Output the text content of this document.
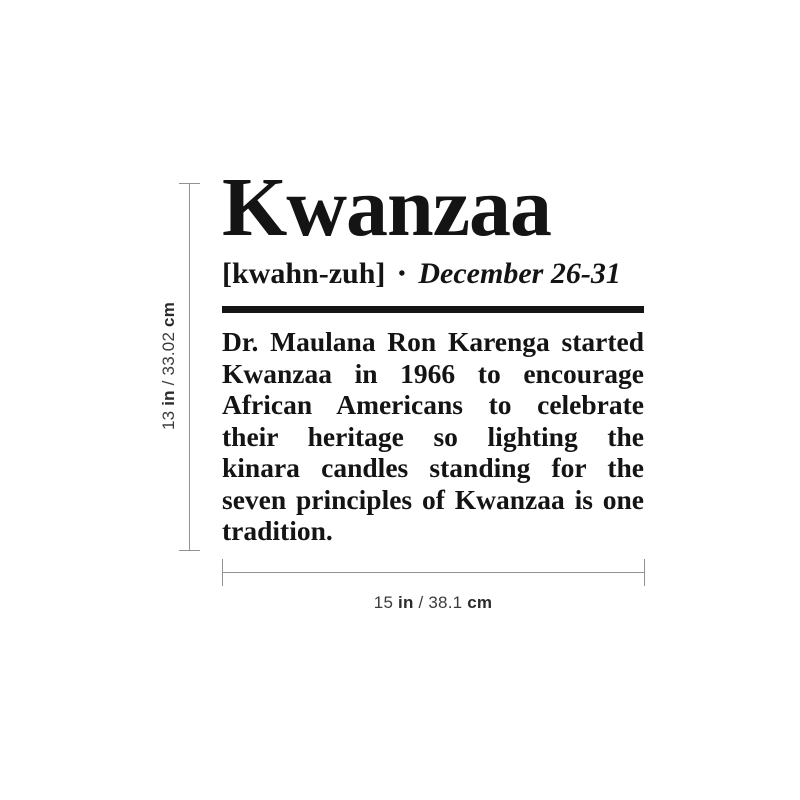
13 in / 33.02 cm
Kwanzaa
[kwahn-zuh] • December 26-31
Dr. Maulana Ron Karenga started
Kwanzaa in 1966 to encourage
African Americans to celebrate
their heritage so lighting the
kinara candles standing for the
seven principles of Kwanzaa is one
tradition.
15 in / 38.1 cm
